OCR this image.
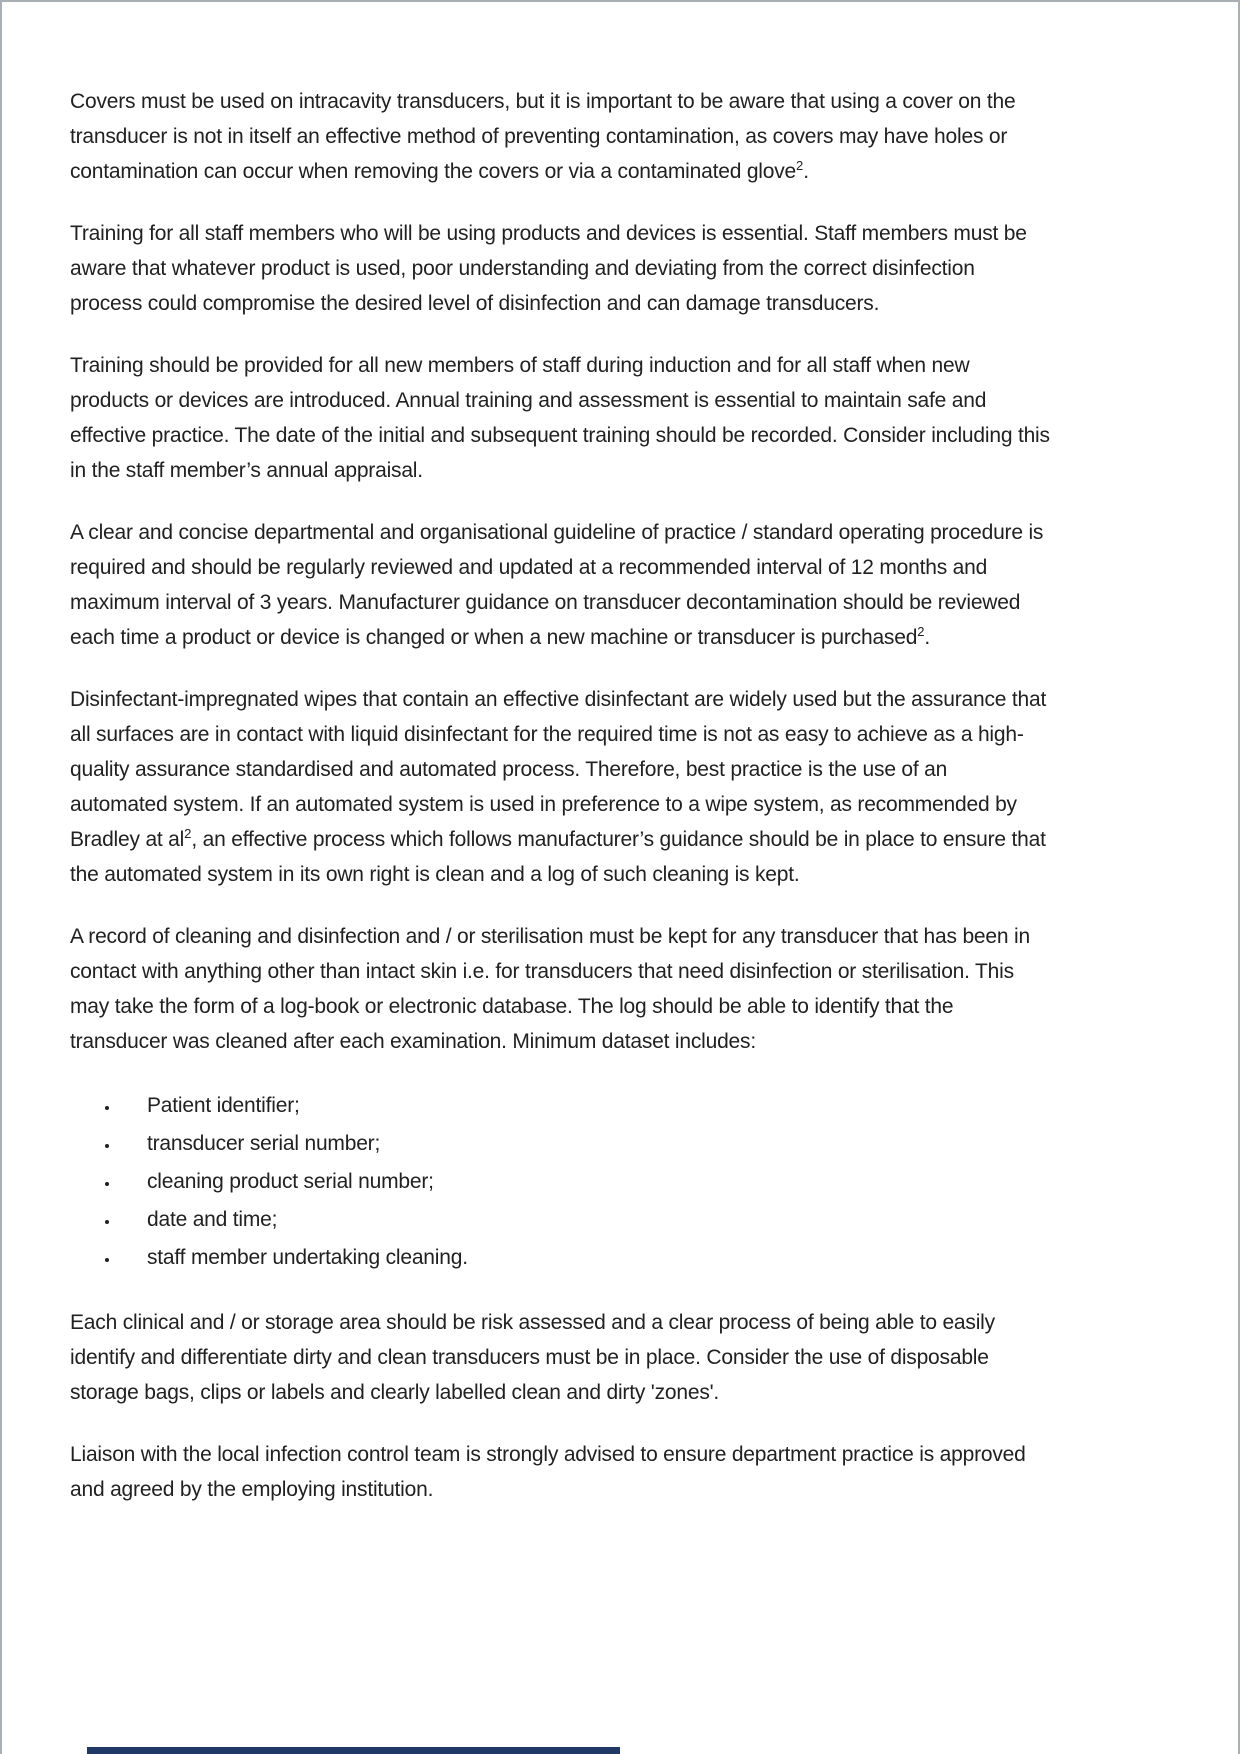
Covers must be used on intracavity transducers, but it is important to be aware that using a cover on the transducer is not in itself an effective method of preventing contamination, as covers may have holes or contamination can occur when removing the covers or via a contaminated glove$^2$.

Training for all staff members who will be using products and devices is essential. Staff members must be aware that whatever product is used, poor understanding and deviating from the correct disinfection process could compromise the desired level of disinfection and can damage transducers.

Training should be provided for all new members of staff during induction and for all staff when new products or devices are introduced. Annual training and assessment is essential to maintain safe and effective practice. The date of the initial and subsequent training should be recorded. Consider including this in the staff member’s annual appraisal.

A clear and concise departmental and organisational guideline of practice / standard operating procedure is required and should be regularly reviewed and updated at a recommended interval of 12 months and maximum interval of 3 years. Manufacturer guidance on transducer decontamination should be reviewed each time a product or device is changed or when a new machine or transducer is purchased$^2$.

Disinfectant-impregnated wipes that contain an effective disinfectant are widely used but the assurance that all surfaces are in contact with liquid disinfectant for the required time is not as easy to achieve as a high-quality assurance standardised and automated process. Therefore, best practice is the use of an automated system. If an automated system is used in preference to a wipe system, as recommended by Bradley at $al^2$, an effective process which follows manufacturer’s guidance should be in place to ensure that the automated system in its own right is clean and a log of such cleaning is kept.

A record of cleaning and disinfection and / or sterilisation must be kept for any transducer that has been in contact with anything other than intact skin i.e. for transducers that need disinfection or sterilisation. This may take the form of a log-book or electronic database. The log should be able to identify that the transducer was cleaned after each examination. Minimum dataset includes:

• Patient identifier;
• transducer serial number;
• cleaning product serial number;
• date and time;
• staff member undertaking cleaning.

Each clinical and / or storage area should be risk assessed and a clear process of being able to easily identify and differentiate dirty and clean transducers must be in place. Consider the use of disposable storage bags, clips or labels and clearly labelled clean and dirty 'zones'.

Liaison with the local infection control team is strongly advised to ensure department practice is approved and agreed by the employing institution.
